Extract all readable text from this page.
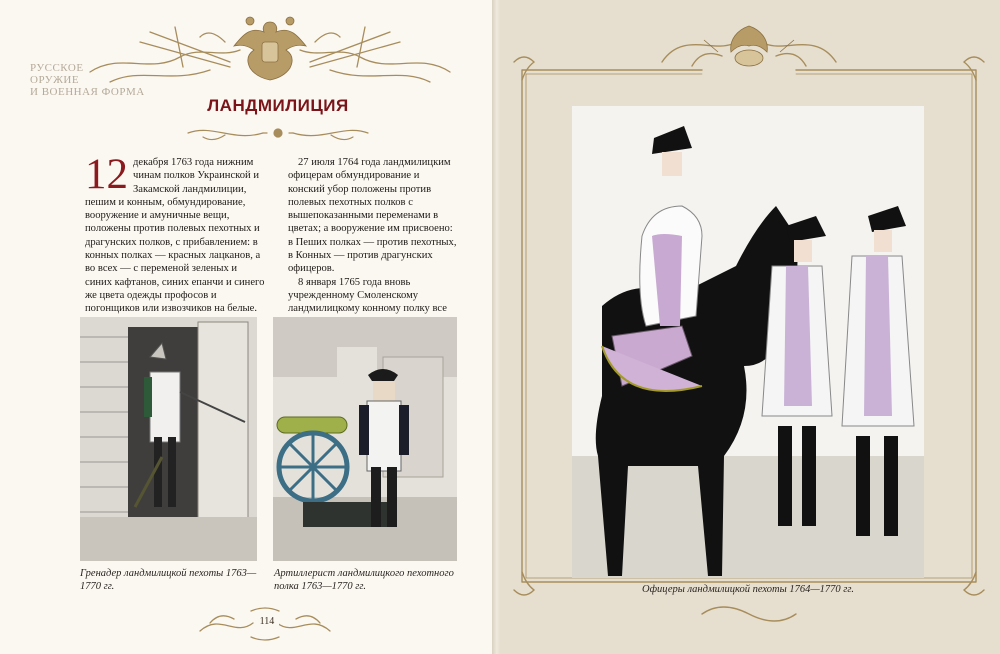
РУССКОЕ
ОРУЖИЕ
И ВОЕННАЯ ФОРМА
ЛАНДМИЛИЦИЯ

12 декабря 1763 года нижним чинам полков Украинской и Закамской ландмилиции, пешим и конным, обмундирование, вооружение и амуничные вещи, положены против полевых пехотных и драгунских полков, с прибавлением: в конных полках — красных лацканов, а во всех — с переменой зеленых и синих кафтанов, синих епанчи и синего же цвета одежды профосов и погонщиков или извозчиков на белые.

27 июля 1764 года ландмилицким офицерам обмундирование и конский убор положены против полевых пехотных полков с вышепоказанными переменами в цветах; а вооружение им присвоено: в Пеших полках — против пехотных, в Конных — против драгунских офицеров.

8 января 1765 года вновь учрежденному Смоленскому ландмилицкому конному полку все

Гренадер ландмилицкой пехоты 1763—1770 гг.
Артиллерист ландмилицкого пехотного полка 1763—1770 гг.
114
Офицеры ландмилицкой пехоты 1764—1770 гг.
